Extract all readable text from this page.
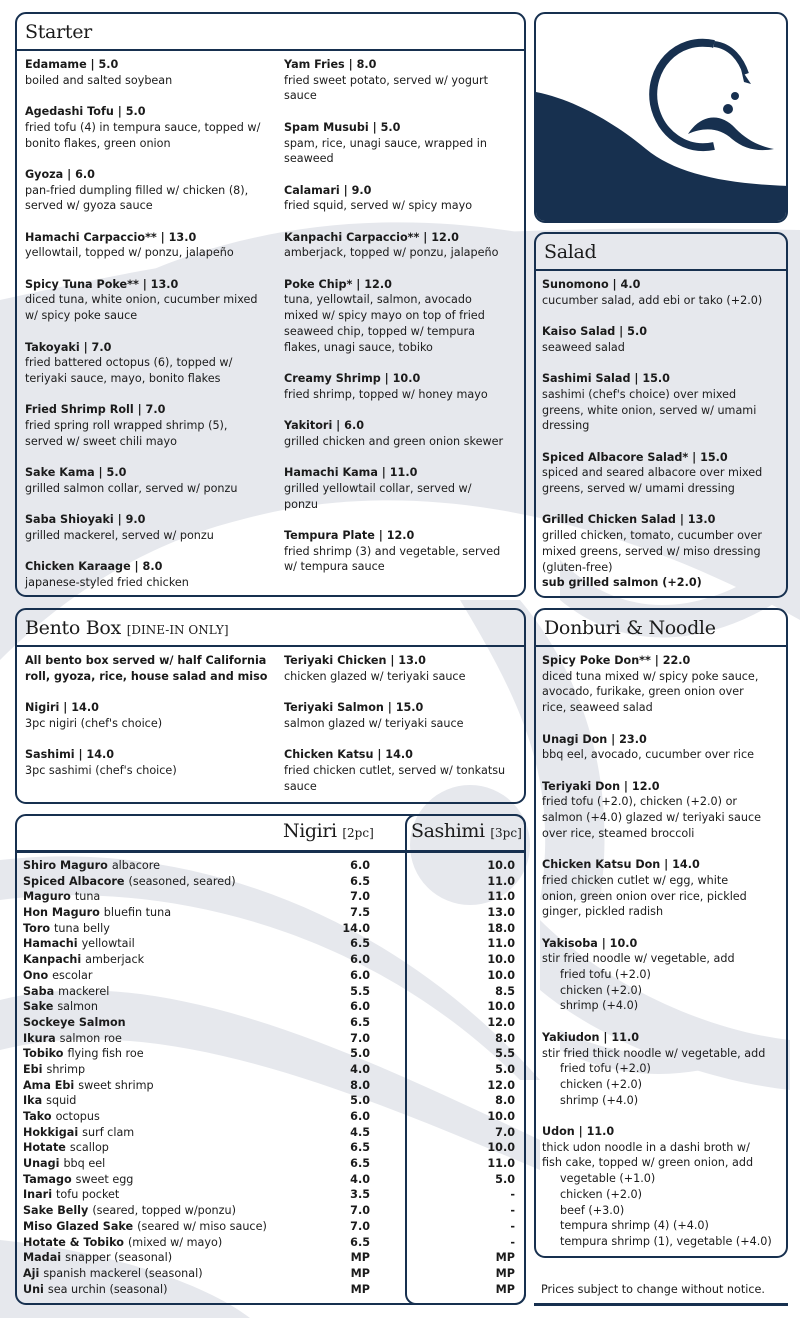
Starter
Edamame | 5.0
boiled and salted soybean
Agedashi Tofu | 5.0
fried tofu (4) in tempura sauce, topped w/
bonito flakes, green onion
Gyoza | 6.0
pan-fried dumpling filled w/ chicken (8),
served w/ gyoza sauce
Hamachi Carpaccio** | 13.0
yellowtail, topped w/ ponzu, jalapeño
Spicy Tuna Poke** | 13.0
diced tuna, white onion, cucumber mixed
w/ spicy poke sauce
Takoyaki | 7.0
fried battered octopus (6), topped w/
teriyaki sauce, mayo, bonito flakes
Fried Shrimp Roll | 7.0
fried spring roll wrapped shrimp (5),
served w/ sweet chili mayo
Sake Kama | 5.0
grilled salmon collar, served w/ ponzu
Saba Shioyaki | 9.0
grilled mackerel, served w/ ponzu
Chicken Karaage | 8.0
japanese-styled fried chicken
Yam Fries | 8.0
fried sweet potato, served w/ yogurt
sauce
Spam Musubi | 5.0
spam, rice, unagi sauce, wrapped in
seaweed
Calamari | 9.0
fried squid, served w/ spicy mayo
Kanpachi Carpaccio** | 12.0
amberjack, topped w/ ponzu, jalapeño
Poke Chip* | 12.0
tuna, yellowtail, salmon, avocado
mixed w/ spicy mayo on top of fried
seaweed chip, topped w/ tempura
flakes, unagi sauce, tobiko
Creamy Shrimp | 10.0
fried shrimp, topped w/ honey mayo
Yakitori | 6.0
grilled chicken and green onion skewer
Hamachi Kama | 11.0
grilled yellowtail collar, served w/
ponzu
Tempura Plate | 12.0
fried shrimp (3) and vegetable, served
w/ tempura sauce
Salad
Sunomono | 4.0
cucumber salad, add ebi or tako (+2.0)
Kaiso Salad | 5.0
seaweed salad
Sashimi Salad | 15.0
sashimi (chef's choice) over mixed
greens, white onion, served w/ umami
dressing
Spiced Albacore Salad* | 15.0
spiced and seared albacore over mixed
greens, served w/ umami dressing
Grilled Chicken Salad | 13.0
grilled chicken, tomato, cucumber over
mixed greens, served w/ miso dressing
(gluten-free)
sub grilled salmon (+2.0)
Bento Box [DINE-IN ONLY]
All bento box served w/ half California
roll, gyoza, rice, house salad and miso
Nigiri | 14.0
3pc nigiri (chef's choice)
Sashimi | 14.0
3pc sashimi (chef's choice)
Teriyaki Chicken | 13.0
chicken glazed w/ teriyaki sauce
Teriyaki Salmon | 15.0
salmon glazed w/ teriyaki sauce
Chicken Katsu | 14.0
fried chicken cutlet, served w/ tonkatsu
sauce
Donburi & Noodle
Spicy Poke Don** | 22.0
diced tuna mixed w/ spicy poke sauce,
avocado, furikake, green onion over
rice, seaweed salad
Unagi Don | 23.0
bbq eel, avocado, cucumber over rice
Teriyaki Don | 12.0
fried tofu (+2.0), chicken (+2.0) or
salmon (+4.0) glazed w/ teriyaki sauce
over rice, steamed broccoli
Chicken Katsu Don | 14.0
fried chicken cutlet w/ egg, white
onion, green onion over rice, pickled
ginger, pickled radish
Yakisoba | 10.0
stir fried noodle w/ vegetable, add
fried tofu (+2.0)
chicken (+2.0)
shrimp (+4.0)
Yakiudon | 11.0
stir fried thick noodle w/ vegetable, add
fried tofu (+2.0)
chicken (+2.0)
shrimp (+4.0)
Udon | 11.0
thick udon noodle in a dashi broth w/
fish cake, topped w/ green onion, add
vegetable (+1.0)
chicken (+2.0)
beef (+3.0)
tempura shrimp (4) (+4.0)
tempura shrimp (1), vegetable (+4.0)
Nigiri [2pc] Sashimi [3pc]
Shiro Maguro albacore	6.0	10.0
Spiced Albacore (seasoned, seared)	6.5	11.0
Maguro tuna	7.0	11.0
Hon Maguro bluefin tuna	7.5	13.0
Toro tuna belly	14.0	18.0
Hamachi yellowtail	6.5	11.0
Kanpachi amberjack	6.0	10.0
Ono escolar	6.0	10.0
Saba mackerel	5.5	8.5
Sake salmon	6.0	10.0
Sockeye Salmon	6.5	12.0
Ikura salmon roe	7.0	8.0
Tobiko flying fish roe	5.0	5.5
Ebi shrimp	4.0	5.0
Ama Ebi sweet shrimp	8.0	12.0
Ika squid	5.0	8.0
Tako octopus	6.0	10.0
Hokkigai surf clam	4.5	7.0
Hotate scallop	6.5	10.0
Unagi bbq eel	6.5	11.0
Tamago sweet egg	4.0	5.0
Inari tofu pocket	3.5	-
Sake Belly (seared, topped w/ponzu)	7.0	-
Miso Glazed Sake (seared w/ miso sauce)	7.0	-
Hotate & Tobiko (mixed w/ mayo)	6.5	-
Madai snapper (seasonal)	MP	MP
Aji spanish mackerel (seasonal)	MP	MP
Uni sea urchin (seasonal)	MP	MP Prices subject to change without notice.
